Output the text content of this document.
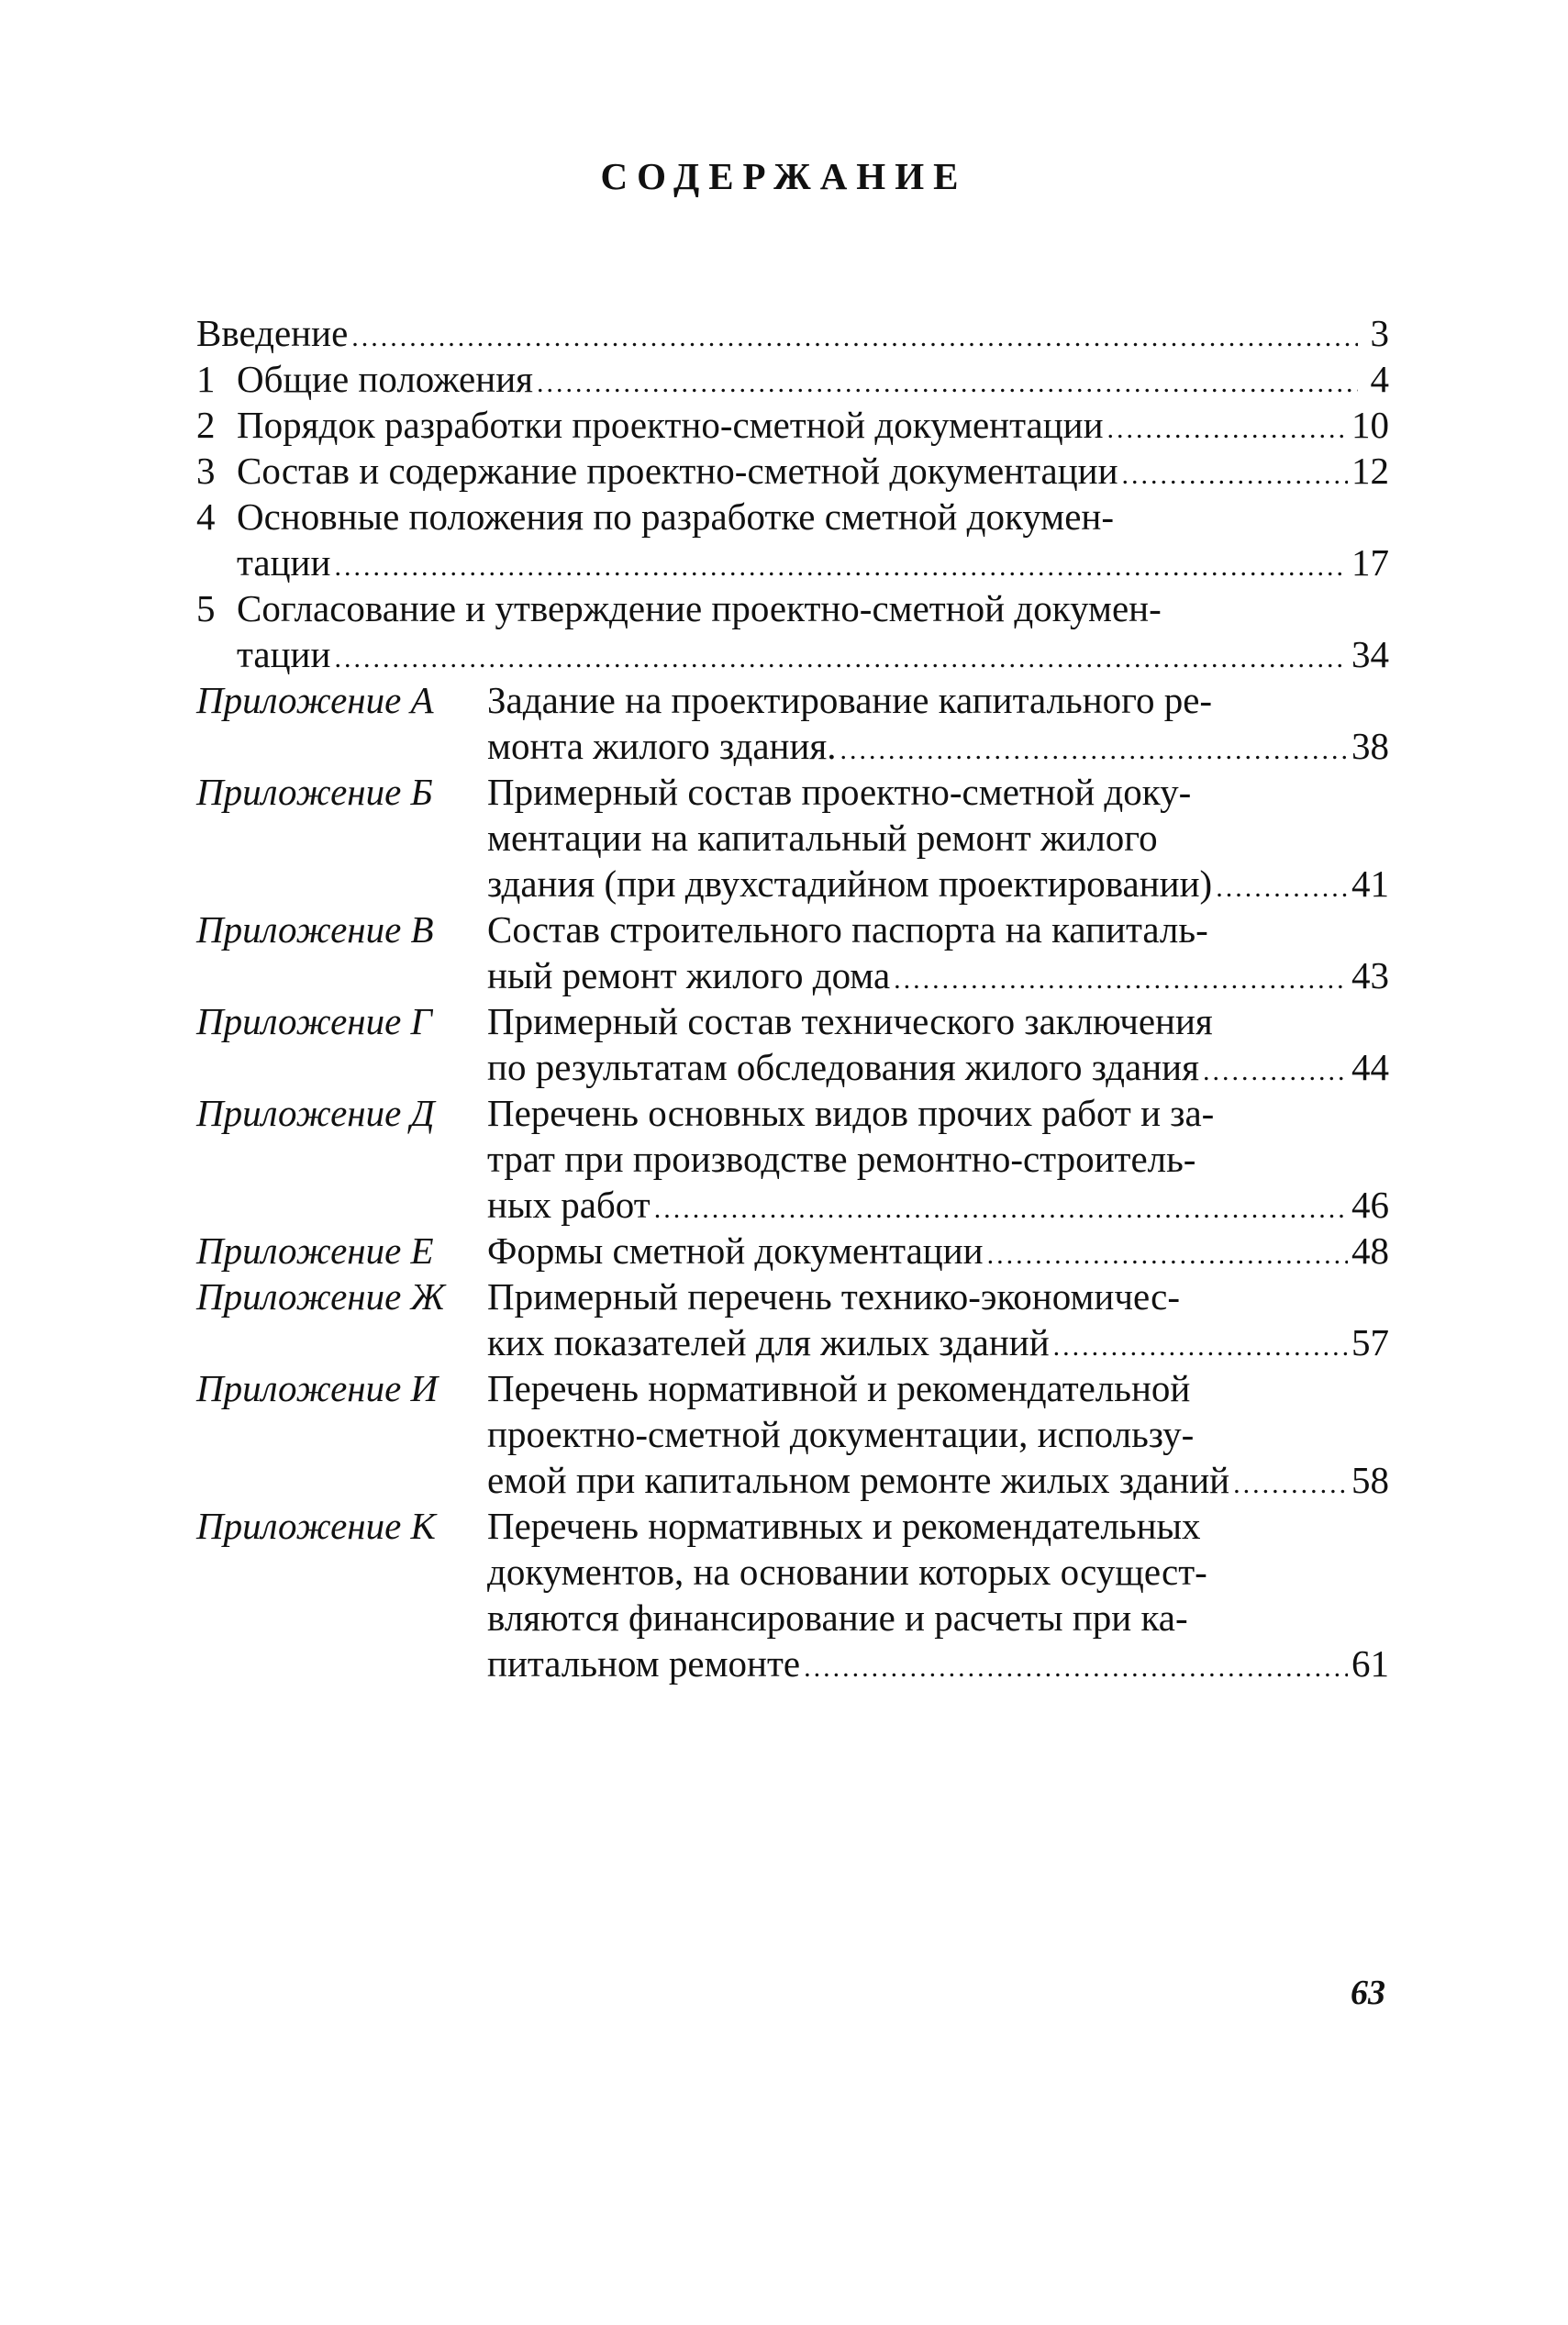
СОДЕРЖАНИЕ
Введение .....	3
1 Общие положения .....	4
2 Порядок разработки проектно-сметной документации .....	10
3 Состав и содержание проектно-сметной документации .....	12
4 Основные положения по разработке сметной докумен-
тации .....	17
5 Согласование и утверждение проектно-сметной докумен-
тации .....	34
Приложение А	Задание на проектирование капитального ре-
монта жилого здания. .....	38
Приложение Б	Примерный состав проектно-сметной доку-
ментации на капитальный ремонт жилого
здания (при двухстадийном проектировании) .....	41
Приложение В	Состав строительного паспорта на капиталь-
ный ремонт жилого дома .....	43
Приложение Г	Примерный состав технического заключения
по результатам обследования жилого здания .....	44
Приложение Д	Перечень основных видов прочих работ и за-
трат при производстве ремонтно-строитель-
ных работ .....	46
Приложение Е	Формы сметной документации .....	48
Приложение Ж	Примерный перечень технико-экономичес-
ких показателей для жилых зданий .....	57
Приложение И	Перечень нормативной и рекомендательной
проектно-сметной документации, использу-
емой при капитальном ремонте жилых зданий .....	58
Приложение К	Перечень нормативных и рекомендательных
документов, на основании которых осущест-
вляются финансирование и расчеты при ка-
питальном ремонте .....	61
63
